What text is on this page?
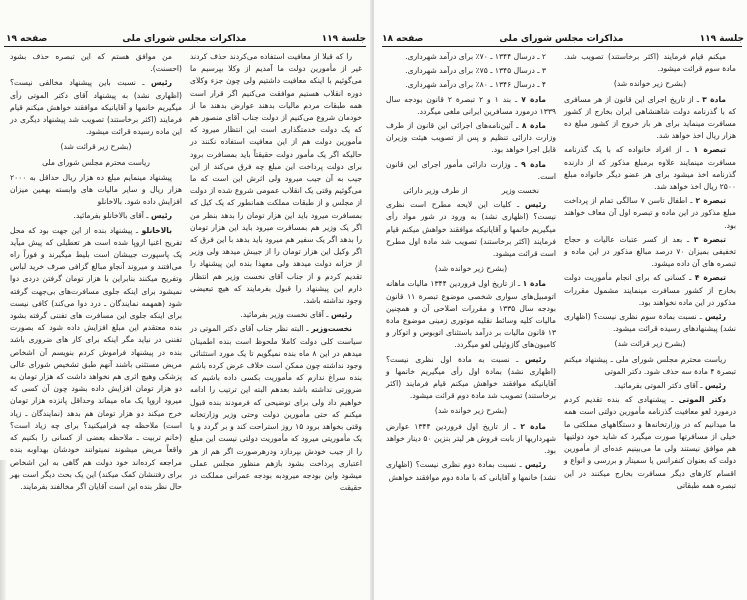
جلسة ۱۱۹
مذاکرات مجلس شورای ملی
صفحه ۱۹

را که قبلا از معافیت استفاده می‌کردند حذف کردند غیر از مأمورین دولت ما آمدیم از وکلا بپرسیم ما می‌گوئیم با اینکه معافیت داشتیم ولی چون جزء وکلای دوره انقلاب هستیم موافقت می‌کنیم اگر قرار است همه طبقات مردم مالیات بدهند عوارض بدهند ما از خودمان شروع می‌کنیم از دولت جناب آقای منصور هم که یک دولت خدمتگذاری است این انتظار میرود که مأمورین دولت هم از این معافیت استفاده نکنند در حالیکه اگر یک مأمور دولت حقیقتاً باید بمسافرت برود برای دولت پرداخت این مبلغ چه فرق می‌کند از این جیب به آن جیب میرود ولی اثرش این است که ما می‌گوئیم وقتی یک انقلاب عمومی شروع شده از دولت از مجلس و از طبقات مملکت همانطور که یک کیل که بمسافرت میرود باید این هزار تومان را بدهد بنظر من اگر یک وزیر هم بمسافرت میرود باید این هزار تومان را بدهد اگر یک سفیر هم میرود باید بدهد با این فرق که اگر وکیل این هزار تومان را از جیبش میدهد ولی وزیر از خزانه دولت میدهد ولی معهذا بنده این پیشنهاد را تقدیم کردم و از جناب آقای نخست وزیر هم انتظار دارم این پیشنهاد را قبول بفرمایند که هیچ تبعیضی وجود نداشته باشد.

رئیس ـ آقای نخست وزیر بفرمائید.

نخست‌وزیر ـ البته نظر جناب آقای دکتر الموتی در سیاست کلی دولت کاملا ملحوظ است بنده اطمینان میدهم در این ۸ ماه بنده نمیگویم تا یک مورد استثنائی وجود نداشته چون ممکن است خلاف عرض کرده باشم بنده سراغ ندارم که مأموریت بکسی داده باشیم که ضرورتی نداشته باشد بعدهم البته این ترتیب را ادامه خواهیم داد ولی برای توضیحی که فرمودند بنده قبول میکنم که حتی مأمورین دولت وحتی وزیر وزارتخانه وقتی بخواهد برود ۱۵ روز استراحت کند و بر گردد و یا یک مأموریتی میرود که مأموریت دولتی نیست این مبلغ را از جیب خودش بپردازد ودرهرصورت اگر هم از هر اعتباری پرداخت بشود بازهم منظور مجلس عملی میشود واین بودجه میرودبه بودجه عمرانی مملکت در حقیقت

من موافق هستم که این تبصره حذف بشود (احسنت).

رئیس ـ نسبت باین پیشنهاد مخالفی نیست؟ (اظهاری نشد) به پیشنهاد آقای دکتر الموتی رأی میگیریم خانمها و آقایانیکه موافقند خواهش میکنم قیام فرمایند (اکثر برخاستند) تصویب شد پیشنهاد دیگری در این ماده رسیده قرائت میشود.

(بشرح زیر قرائت شد)

ریاست محترم مجلس شورای ملی

پیشنهاد مینمایم مبلغ ده هزار ریال حداقل به ۲۰۰۰ هزار ریال و سایر مالیات های وابسته بهمین میزان افزایش داده شود. بالاخانلو

رئیس ـ آقای بالاخانلو بفرمائید.

بالاخانلو ـ پیشنهاد بنده از این جهت بود که محل تفریح اغنیا اروپا شده است هر تعطیلی که پیش میآید یک پاسپورت جیبشان است بلیط میگیرند و فوراً راه می‌افتند و میروند آنجاو مبالغ گزافی صرف خرید لباس وتفریح میکنند بنابراین با هزار تومان گرفتن دردی دوا نمیشود برای اینکه جلوی مسافرت‌های بی‌جهت گرفته شود (همهمه نمایندگان ـ درد دوا می‌کند) کافی نیست برای اینکه جلوی این مسافرت های تفننی گرفته بشود بنده معتقدم این مبلغ افزایش داده شود که بصورت تفننی در نیاید مگر اینکه برای کار های ضروری باشد بنده در پیشنهاد فراموش کردم بنویسم آن اشخاص مریض مستثنی باشند آنهم طبق تشخیص شورای عالی پزشکی وهیچ اثری هم نخواهد داشت که هزار تومان به دو هزار تومان افزایش داده بشود چون آن کسی که میرود اروپا یک ماه میماند وحداقل پانزده هزار تومان خرج میکند دو هزار تومان هم بدهد (نمایندگان ـ زیاد است) ملاحظه چه فرامیکنید؟ برای چه زیاد است؟ (خانم تربیت ـ ملاحظه بعضی از کسانی را بکنیم که واقعاً مریض میشوند نمیتوانند خودشان بهداوبه بنده مراجعه کرده‌اند خود دولت هم گاهی به این اشخاص برای رفتنشان کمک میکند) این یک بحث دیگر است بهر حال نظر بنده این است آقایان اگر مخالفند بفرمایند.

جلسة ۱۱۹
مذاکرات مجلس شورای ملی
صفحه ۱۸

میکنم قیام فرمایند (اکثر برخاستند) تصویب شد. مادة سوم قرائت میشود.

(بشرح زیر خوانده شد)

مادة ۳ ـ از تاریخ اجرای این قانون از هر مسافری که با گذرنامه دولت شاهنشاهی ایران بخارج از کشور مسافرت مینماید برای هر بار خروج از کشور مبلغ ده هزار ریال اخذ خواهد شد.

تبصرة ۱ ـ از افراد خانواده که با یک گذرنامه مسافرت مینمایند علاوه برمبلغ مذکور که از دارنده گذرنامه اخذ میشود برای هر عضو دیگر خانواده مبلغ ۲۵۰۰ ریال اخذ خواهد شد.

تبصرة ۲ ـ اطفال تاسن ۷ سالگی تمام از پرداخت مبلغ مذکور در این ماده و تبصره اول آن معاف خواهند بود.

تبصرة ۳ ـ بعد از کسر عتبات عالیات و حجاج تخفیفی بمیزان ۷۰ درصد مبالغ مذکور در این ماده و تبصره های آن داده میشود.

تبصرة ۴ ـ کسانی که برای انجام مأموریت دولت بخارج از کشور مسافرت مینمایند مشمول مقررات مذکور در این ماده نخواهند بود.

رئیس ـ نسبت بمادة سوم نظری نیست؟ (اظهاری نشد) پیشنهادهای رسیده قرائت میشود.

(بشرح زیر قرائت شد)

ریاست محترم مجلس شورای ملی ـ پیشنهاد میکنم تبصرة ۴ مادة سه حذف شود. دکتر الموتی

رئیس ـ آقای دکتر الموتی بفرمائید.

دکتر الموتی ـ پیشنهادی که بنده تقدیم کردم درمورد لغو معافیت گذرنامه مأمورین دولتی است همه ما میدانیم که در وزارتخانه‌ها و دستگاههای مملکتی ما خیلی از مسافرتها صورت میگیرد که شاید خود دولتیها هم موافق نیستند ولی ما می‌بینیم عده‌ای از مأمورین دولت که بعنوان کنفرانس یا سمینار و بررسی و انواع و اقسام کارهای دیگر مسافرت بخارج میکنند در این تبصره همه طبقاتی

۲ ـ درسال ۱۳۴۴ ـ ۷۰٪ برای درآمد شهرداری.

۳ ـ درسال ۱۳۴۵ ـ ۷۵٪ برای درآمد شهرداری.

۴ ـ درسال ۱۳۴۶ ـ ۸۰٪ برای درآمد شهرداری.

مادة ۷ ـ بند ۱ و ۲ تبصرة ۲ قانون بودجه سال ۱۳۳۹ درمورد مسافرین ایرانی ملغی میگردد.

مادة ۸ ـ آئین‌نامه‌های اجرائی این قانون از طرف وزارت دارائی تنظیم و پس از تصویب هیئت وزیران قابل اجرا خواهد بود.

مادة ۹ ـ وزارت دارائی مأمور اجرای این قانون است.

نخست وزیر
از طرف وزیر دارائی

رئیس ـ کلیات این لایحه مطرح است نظری نیست؟ (اظهاری نشد) به ورود در شور مواد رأی میگیریم خانمها و آقایانیکه موافقند خواهش میکنم قیام فرمایند (اکثر برخاستند) تصویب شد مادة اول مطرح است قرائت میشود.

(بشرح زیر خوانده شد)

مادة ۱ ـ از تاریخ اول فروردین ۱۳۴۴ مالیات ماهانه اتومبیل‌های سواری شخصی موضوع تبصرة ۱۱ قانون بودجه سال ۱۳۳۵ و مقررات اصلاحی آن و همچنین مالیات کلیه وسائط نقلیه موتوری زمینی موضوع مادة ۱۳ قانون مالیات بر درآمد باستثنای اتوبوس و اتوکار و کامیون‌های گازوئیلی لغو میگردد.

رئیس ـ نسبت به مادة اول نظری نیست؟ (اظهاری نشد) بمادة اول رأی میگیریم خانمها و آقایانیکه موافقند خواهش میکنم قیام فرمایند (اکثر برخاستند) تصویب شد مادة دوم قرائت میشود.

(بشرح زیر خوانده شد)

مادة ۲ ـ از تاریخ اول فروردین ۱۳۴۴ عوارض شهرداریها از بابت فروش هر لیتر بنزین ۵۰ دینار خواهد بود.

رئیس ـ نسبت بمادة دوم نظری نیست؟ (اظهاری نشد) خانمها و آقایانی که با مادة دوم موافقند خواهش
